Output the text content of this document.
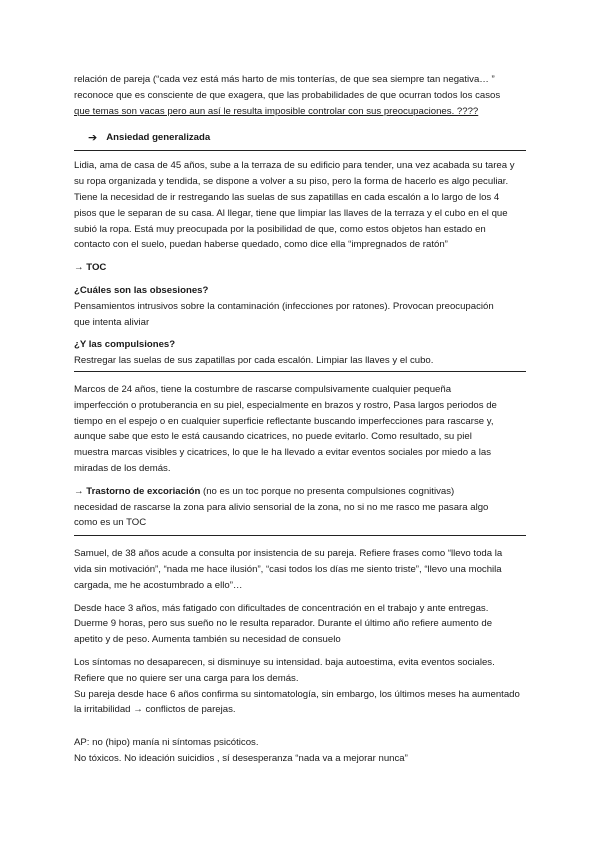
relación de pareja (“cada vez está más harto de mis tonterías, de que sea siempre tan negativa… ”

reconoce que es consciente de que exagera, que las probabilidades de que ocurran todos los casos

que temas son vacas pero aun así le resulta imposible controlar con sus preocupaciones. ????

➔ Ansiedad generalizada

Lidia, ama de casa de 45 años, sube a la terraza de su edificio para tender, una vez acabada su tarea y

su ropa organizada y tendida, se dispone a volver a su piso, pero la forma de hacerlo es algo peculiar.

Tiene la necesidad de ir restregando las suelas de sus zapatillas en cada escalón a lo largo de los 4

pisos que le separan de su casa. Al llegar, tiene que limpiar las llaves de la terraza y el cubo en el que

subió la ropa. Está muy preocupada por la posibilidad de que, como estos objetos han estado en

contacto con el suelo, puedan haberse quedado, como dice ella “impregnados de ratón”

→ TOC

¿Cuáles son las obsesiones?

Pensamientos intrusivos sobre la contaminación (infecciones por ratones). Provocan preocupación

que intenta aliviar

¿Y las compulsiones?

Restregar las suelas de sus zapatillas por cada escalón. Limpiar las llaves y el cubo.

Marcos de 24 años, tiene la costumbre de rascarse compulsivamente cualquier pequeña

imperfección o protuberancia en su piel, especialmente en brazos y rostro, Pasa largos periodos de

tiempo en el espejo o en cualquier superficie reflectante buscando imperfecciones para rascarse y,

aunque sabe que esto le está causando cicatrices, no puede evitarlo. Como resultado, su piel

muestra marcas visibles y cicatrices, lo que le ha llevado a evitar eventos sociales por miedo a las

miradas de los demás.

→ Trastorno de excoriación (no es un toc porque no presenta compulsiones cognitivas)

necesidad de rascarse la zona para alivio sensorial de la zona, no si no me rasco me pasara algo

como es un TOC

Samuel, de 38 años acude a consulta por insistencia de su pareja. Refiere frases como “llevo toda la

vida sin motivación”, “nada me hace ilusión”, “casi todos los días me siento triste”, “llevo una mochila

cargada, me he acostumbrado a ello”…

Desde hace 3 años, más fatigado con dificultades de concentración en el trabajo y ante entregas.

Duerme 9 horas, pero sus sueño no le resulta reparador. Durante el último año refiere aumento de

apetito y de peso. Aumenta también su necesidad de consuelo

Los síntomas no desaparecen, si disminuye su intensidad. baja autoestima, evita eventos sociales.

Refiere que no quiere ser una carga para los demás.

Su pareja desde hace 6 años confirma su sintomatología, sin embargo, los últimos meses ha aumentado

la irritabilidad → conflictos de parejas.

AP: no (hipo) manía ni síntomas psicóticos.

No tóxicos. No ideación suicidios , sí desesperanza “nada va a mejorar nunca”
